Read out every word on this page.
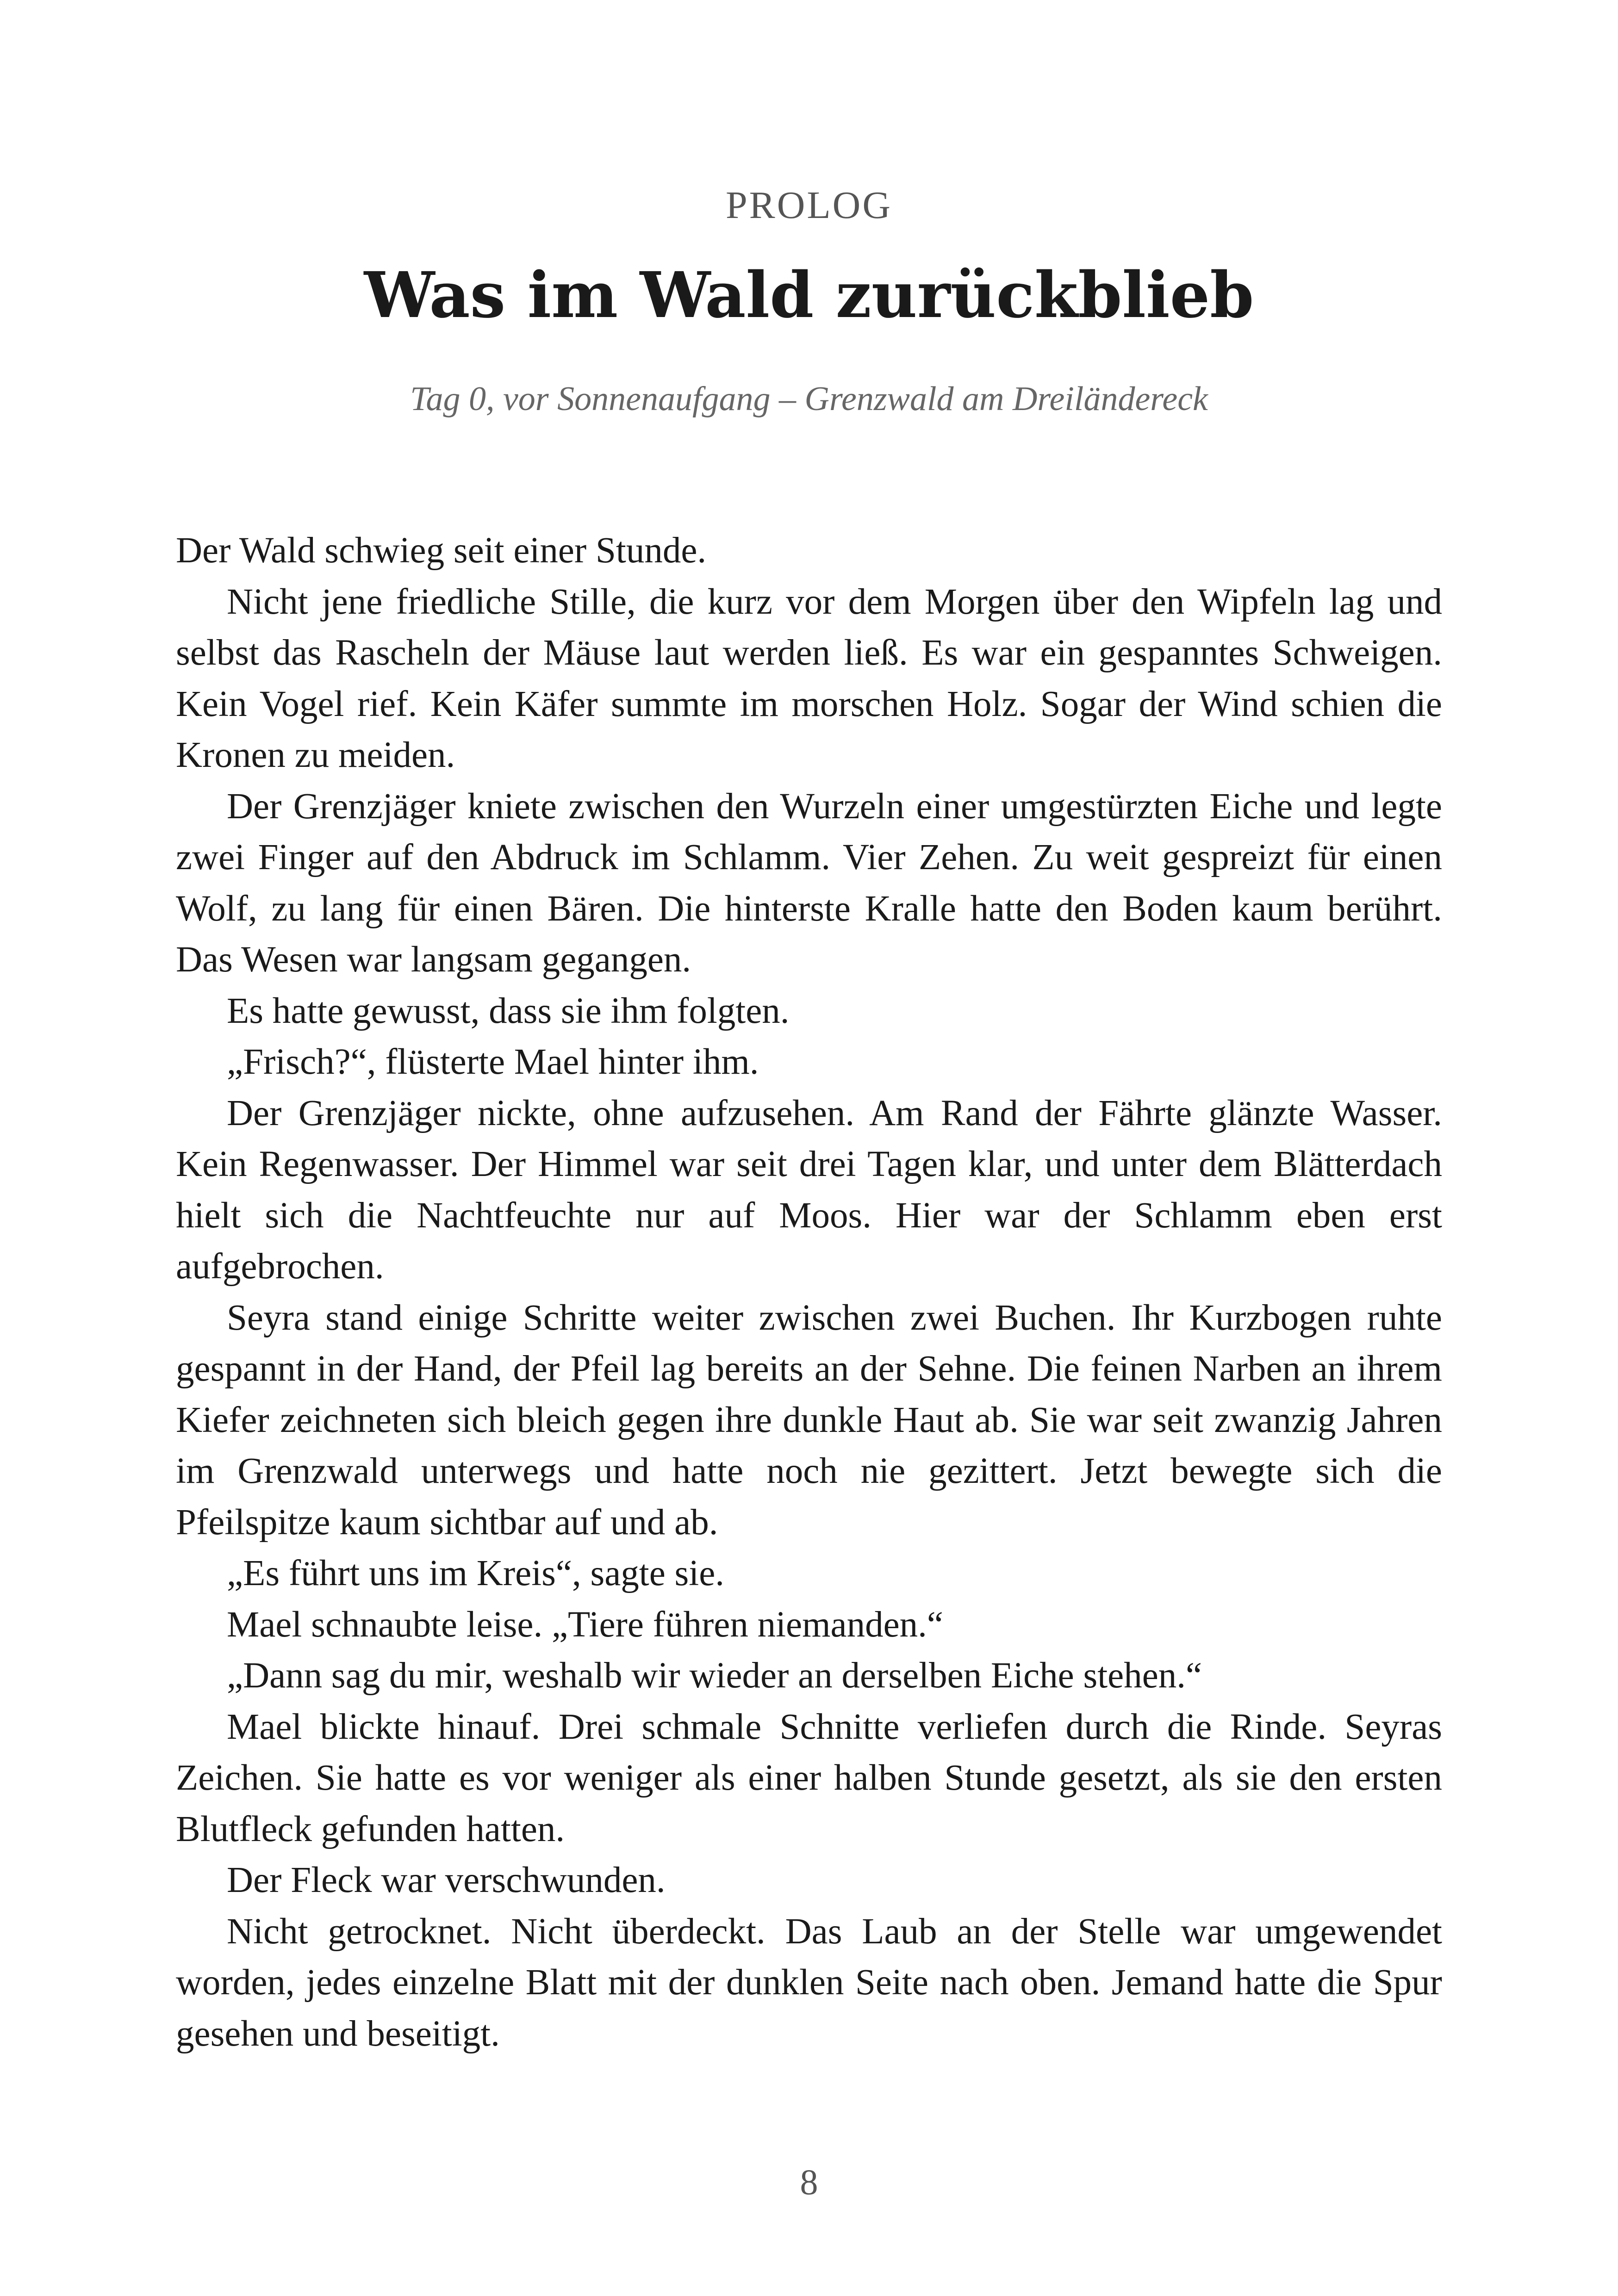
PROLOG
Was im Wald zurückblieb
Tag 0, vor Sonnenaufgang – Grenzwald am Dreiländereck

Der Wald schwieg seit einer Stunde.

Nicht jene friedliche Stille, die kurz vor dem Morgen über den Wipfeln lag und selbst das Rascheln der Mäuse laut werden ließ. Es war ein gespanntes Schweigen. Kein Vogel rief. Kein Käfer summte im morschen Holz. Sogar der Wind schien die Kronen zu meiden.

Der Grenzjäger kniete zwischen den Wurzeln einer umgestürzten Eiche und legte zwei Finger auf den Abdruck im Schlamm. Vier Zehen. Zu weit gespreizt für einen Wolf, zu lang für einen Bären. Die hinterste Kralle hatte den Boden kaum berührt. Das Wesen war langsam gegangen.

Es hatte gewusst, dass sie ihm folgten.

„Frisch?“, flüsterte Mael hinter ihm.

Der Grenzjäger nickte, ohne aufzusehen. Am Rand der Fährte glänzte Wasser. Kein Regenwasser. Der Himmel war seit drei Tagen klar, und unter dem Blätterdach hielt sich die Nachtfeuchte nur auf Moos. Hier war der Schlamm eben erst aufgebrochen.

Seyra stand einige Schritte weiter zwischen zwei Buchen. Ihr Kurzbogen ruhte gespannt in der Hand, der Pfeil lag bereits an der Sehne. Die feinen Narben an ihrem Kiefer zeichneten sich bleich gegen ihre dunkle Haut ab. Sie war seit zwanzig Jahren im Grenzwald unterwegs und hatte noch nie gezittert. Jetzt bewegte sich die Pfeilspitze kaum sichtbar auf und ab.

„Es führt uns im Kreis“, sagte sie.

Mael schnaubte leise. „Tiere führen niemanden.“

„Dann sag du mir, weshalb wir wieder an derselben Eiche stehen.“

Mael blickte hinauf. Drei schmale Schnitte verliefen durch die Rinde. Seyras Zeichen. Sie hatte es vor weniger als einer halben Stunde gesetzt, als sie den ersten Blutfleck gefunden hatten.

Der Fleck war verschwunden.

Nicht getrocknet. Nicht überdeckt. Das Laub an der Stelle war umgewendet worden, jedes einzelne Blatt mit der dunklen Seite nach oben. Jemand hatte die Spur gesehen und beseitigt.

8
